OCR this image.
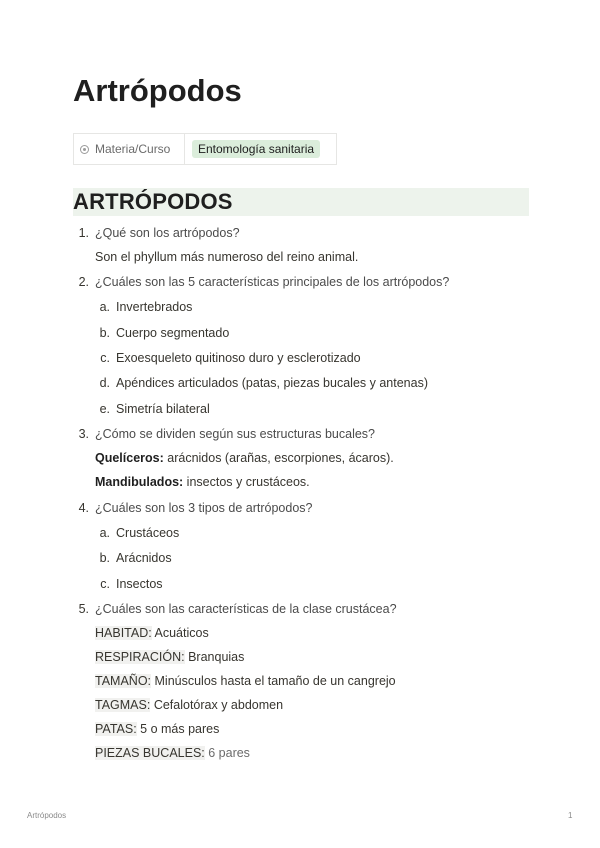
Artrópodos
Materia/Curso	Entomología sanitaria
ARTRÓPODOS
1. ¿Qué son los artrópodos?
Son el phyllum más numeroso del reino animal.
2. ¿Cuáles son las 5 características principales de los artrópodos?
a. Invertebrados
b. Cuerpo segmentado
c. Exoesqueleto quitinoso duro y esclerotizado
d. Apéndices articulados (patas, piezas bucales y antenas)
e. Simetría bilateral
3. ¿Cómo se dividen según sus estructuras bucales?
Quelíceros: arácnidos (arañas, escorpiones, ácaros).
Mandibulados: insectos y crustáceos.
4. ¿Cuáles son los 3 tipos de artrópodos?
a. Crustáceos
b. Arácnidos
c. Insectos
5. ¿Cuáles son las características de la clase crustácea?
HABITAD: Acuáticos
RESPIRACIÓN: Branquias
TAMAÑO: Minúsculos hasta el tamaño de un cangrejo
TAGMAS: Cefalotórax y abdomen
PATAS: 5 o más pares
PIEZAS BUCALES: 6 pares
Artrópodos	1
